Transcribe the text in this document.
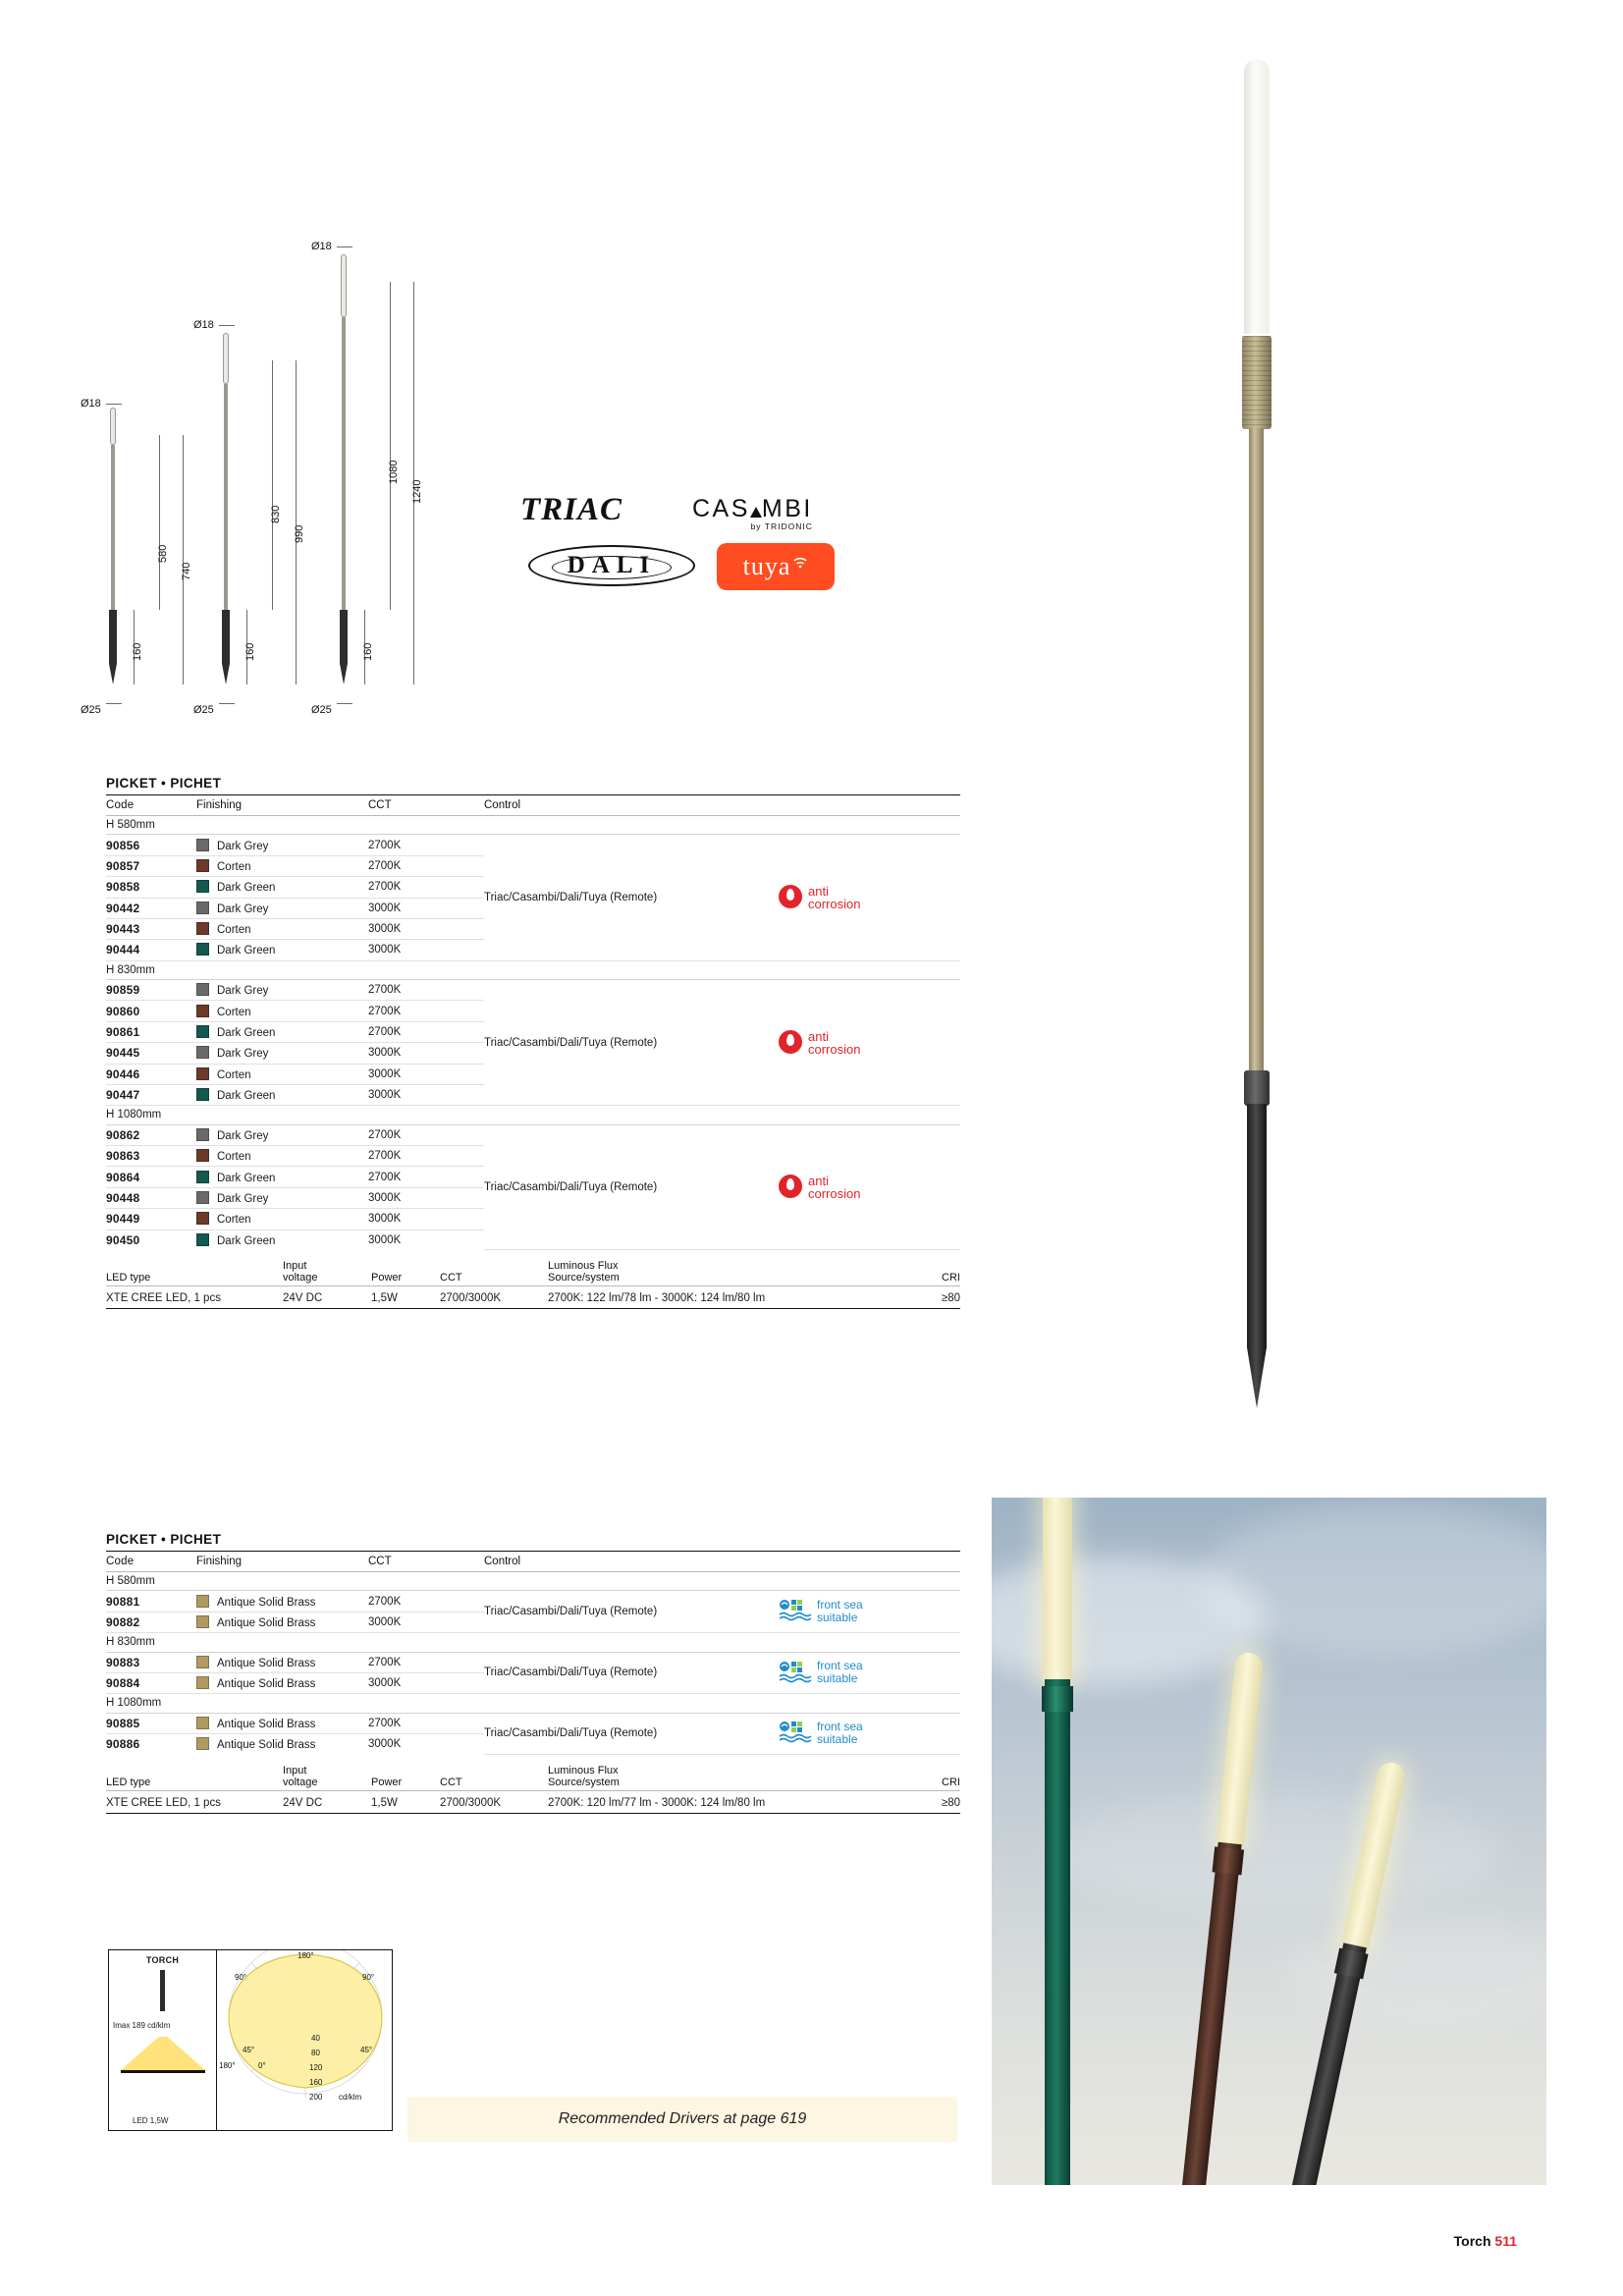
Ø18
Ø25
160
580
740
Ø18
Ø25
160
830
990
Ø18
Ø25
160
1080
1240
TRIAC	CAS MBI
by TRIDONIC
DALI	tuya
PICKET • PICHET
Code	Finishing	CCT	Control	
H 580mm				
90856	Dark Grey	2700K	Triac/Casambi/Dali/Tuya (Remote)	anti
corrosion
90857	Corten	2700K		
90858	Dark Green	2700K		
90442	Dark Grey	3000K		
90443	Corten	3000K		
90444	Dark Green	3000K		
H 830mm				
90859	Dark Grey	2700K	Triac/Casambi/Dali/Tuya (Remote)	anti
corrosion
90860	Corten	2700K		
90861	Dark Green	2700K		
90445	Dark Grey	3000K		
90446	Corten	3000K		
90447	Dark Green	3000K		
H 1080mm				
90862	Dark Grey	2700K	Triac/Casambi/Dali/Tuya (Remote)	anti
corrosion
90863	Corten	2700K		
90864	Dark Green	2700K		
90448	Dark Grey	3000K		
90449	Corten	3000K		
90450	Dark Green	3000K		
LED type	Input
voltage	Power	CCT	Luminous Flux
Source/system	CRI
XTE CREE LED, 1 pcs	24V DC	1,5W	2700/3000K	2700K: 122 lm/78 lm - 3000K: 124 lm/80 lm	≥80
PICKET • PICHET
Code	Finishing	CCT	Control	
H 580mm				
90881	Antique Solid Brass	2700K	Triac/Casambi/Dali/Tuya (Remote)	front sea
suitable
90882	Antique Solid Brass	3000K		
H 830mm				
90883	Antique Solid Brass	2700K	Triac/Casambi/Dali/Tuya (Remote)	front sea
suitable
90884	Antique Solid Brass	3000K		
H 1080mm				
90885	Antique Solid Brass	2700K	Triac/Casambi/Dali/Tuya (Remote)	front sea
suitable
90886	Antique Solid Brass	3000K		
LED type	Input
voltage	Power	CCT	Luminous Flux
Source/system	CRI
XTE CREE LED, 1 pcs	24V DC	1,5W	2700/3000K	2700K: 120 lm/77 lm - 3000K: 124 lm/80 lm	≥80
TORCH
Imax 189 cd/klm
LED 1,5W
180°
90°	90°
180°	0°
45°	45°
40
80
120
160
200 cd/klm
Recommended Drivers at page 619
Torch 511
